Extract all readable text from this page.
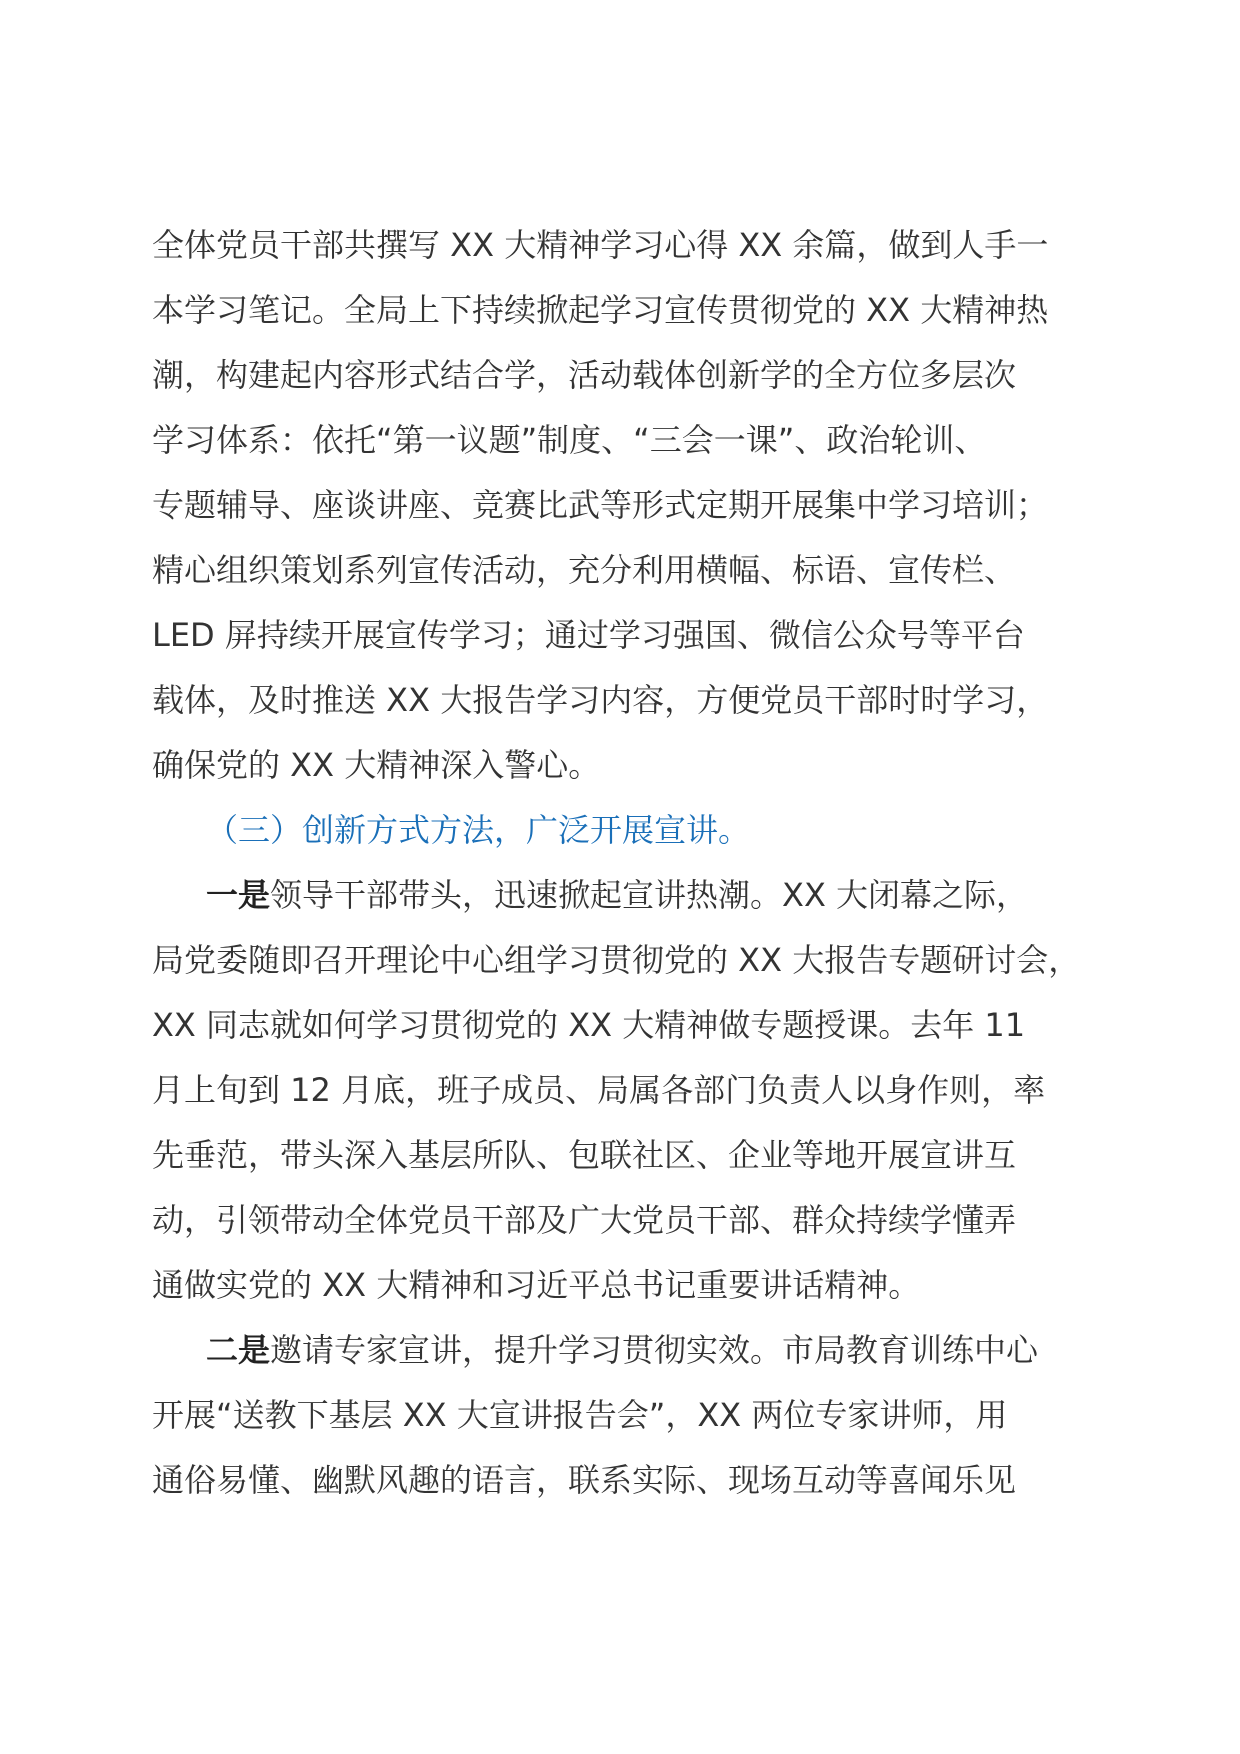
全体党员干部共撰写 XX 大精神学习心得 XX 余篇，做到人手一
本学习笔记。全局上下持续掀起学习宣传贯彻党的 XX 大精神热
潮，构建起内容形式结合学，活动载体创新学的全方位多层次
学习体系：依托“第一议题”制度、“三会一课”、政治轮训、
专题辅导、座谈讲座、竞赛比武等形式定期开展集中学习培训；
精心组织策划系列宣传活动，充分利用横幅、标语、宣传栏、
LED 屏持续开展宣传学习；通过学习强国、微信公众号等平台
载体，及时推送 XX 大报告学习内容，方便党员干部时时学习，
确保党的 XX 大精神深入警心。
（三）创新方式方法，广泛开展宣讲。
一是领导干部带头，迅速掀起宣讲热潮。XX 大闭幕之际，
局党委随即召开理论中心组学习贯彻党的 XX 大报告专题研讨会，
XX 同志就如何学习贯彻党的 XX 大精神做专题授课。去年 11
月上旬到 12 月底，班子成员、局属各部门负责人以身作则，率
先垂范，带头深入基层所队、包联社区、企业等地开展宣讲互
动，引领带动全体党员干部及广大党员干部、群众持续学懂弄
通做实党的 XX 大精神和习近平总书记重要讲话精神。
二是邀请专家宣讲，提升学习贯彻实效。市局教育训练中心
开展“送教下基层 XX 大宣讲报告会”，XX 两位专家讲师，用
通俗易懂、幽默风趣的语言，联系实际、现场互动等喜闻乐见
